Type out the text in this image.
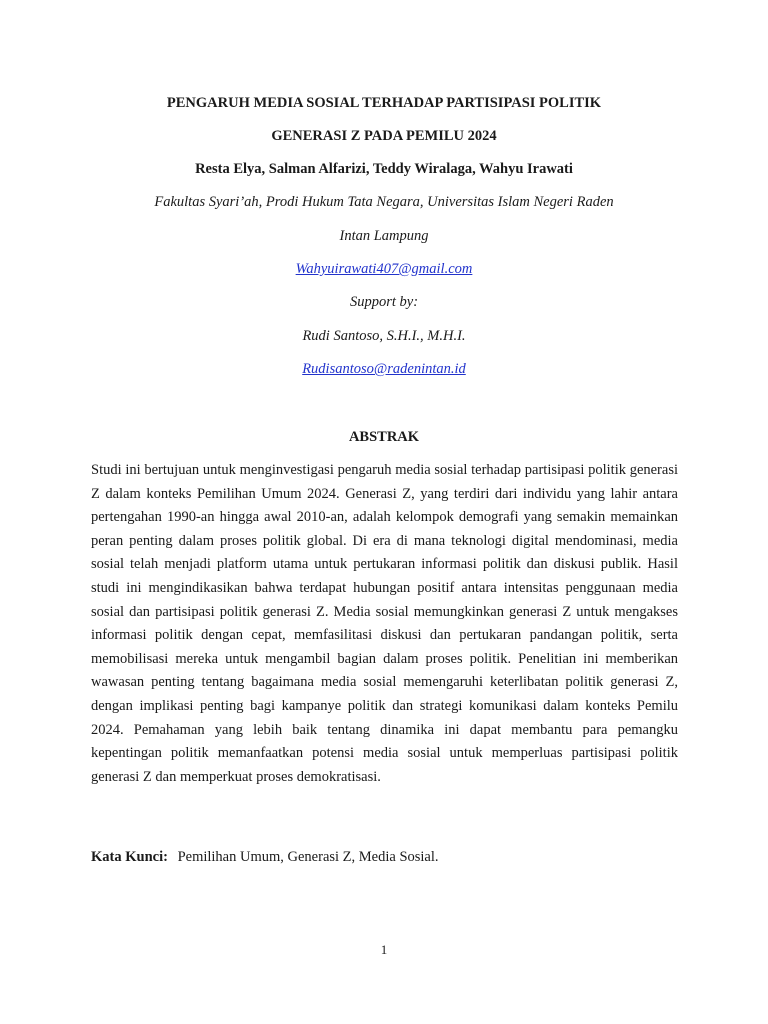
PENGARUH MEDIA SOSIAL TERHADAP PARTISIPASI POLITIK
GENERASI Z PADA PEMILU 2024
Resta Elya, Salman Alfarizi, Teddy Wiralaga, Wahyu Irawati
Fakultas Syari’ah, Prodi Hukum Tata Negara, Universitas Islam Negeri Raden
Intan Lampung
Wahyuirawati407@gmail.com
Support by:
Rudi Santoso, S.H.I., M.H.I.
Rudisantoso@radenintan.id
ABSTRAK

Studi ini bertujuan untuk menginvestigasi pengaruh media sosial terhadap partisipasi politik generasi Z dalam konteks Pemilihan Umum 2024. Generasi Z, yang terdiri dari individu yang lahir antara pertengahan 1990-an hingga awal 2010-an, adalah kelompok demografi yang semakin memainkan peran penting dalam proses politik global. Di era di mana teknologi digital mendominasi, media sosial telah menjadi platform utama untuk pertukaran informasi politik dan diskusi publik. Hasil studi ini mengindikasikan bahwa terdapat hubungan positif antara intensitas penggunaan media sosial dan partisipasi politik generasi Z. Media sosial memungkinkan generasi Z untuk mengakses informasi politik dengan cepat, memfasilitasi diskusi dan pertukaran pandangan politik, serta memobilisasi mereka untuk mengambil bagian dalam proses politik. Penelitian ini memberikan wawasan penting tentang bagaimana media sosial memengaruhi keterlibatan politik generasi Z, dengan implikasi penting bagi kampanye politik dan strategi komunikasi dalam konteks Pemilu 2024. Pemahaman yang lebih baik tentang dinamika ini dapat membantu para pemangku kepentingan politik memanfaatkan potensi media sosial untuk memperluas partisipasi politik generasi Z dan memperkuat proses demokratisasi.

Kata Kunci: Pemilihan Umum, Generasi Z, Media Sosial.
1
